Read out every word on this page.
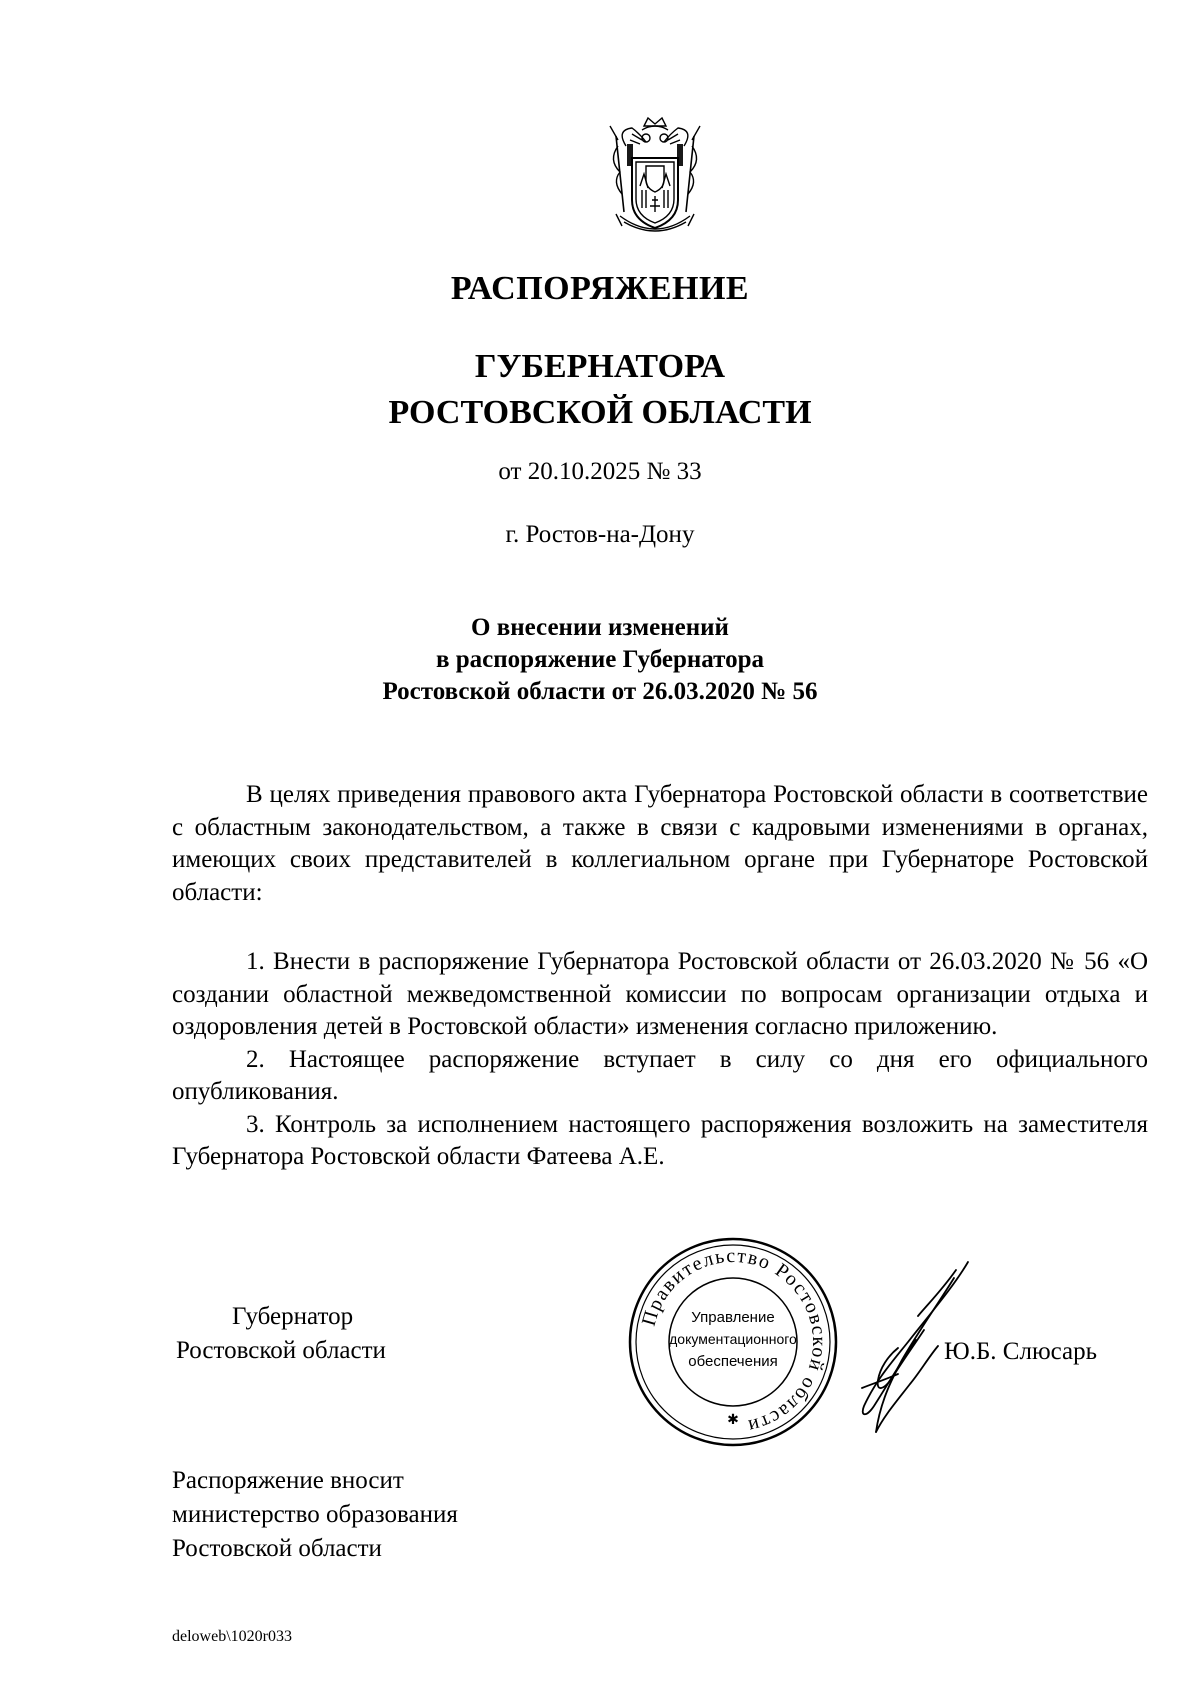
РАСПОРЯЖЕНИЕ
ГУБЕРНАТОРА
РОСТОВСКОЙ ОБЛАСТИ
от 20.10.2025 № 33
г. Ростов-на-Дону
О внесении изменений
в распоряжение Губернатора
Ростовской области от 26.03.2020 № 56

В целях приведения правового акта Губернатора Ростовской области в соответствие с областным законодательством, а также в связи с кадровыми изменениями в органах, имеющих своих представителей в коллегиальном органе при Губернаторе Ростовской области:

1. Внести в распоряжение Губернатора Ростовской области от 26.03.2020 № 56 «О создании областной межведомственной комиссии по вопросам организации отдыха и оздоровления детей в Ростовской области» изменения согласно приложению.

2. Настоящее распоряжение вступает в силу со дня его официального опубликования.

3. Контроль за исполнением настоящего распоряжения возложить на заместителя Губернатора Ростовской области Фатеева А.Е.

Губернатор
Ростовской области
Правительство Ростовской области
Управление
документационного
обеспечения
✱
Ю.Б. Слюсарь
Распоряжение вносит
министерство образования
Ростовской области
deloweb\1020r033
